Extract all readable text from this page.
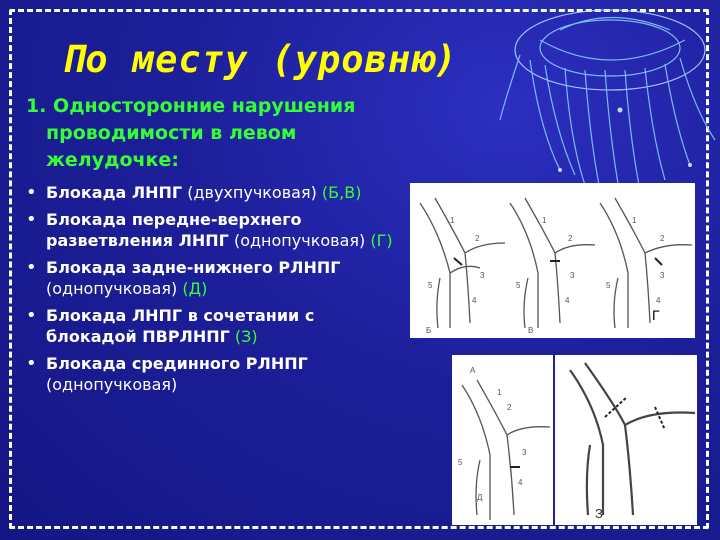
По месту (уровню)

1. Односторонние нарушения проводимости в левом желудочке:

• Блокада ЛНПГ (двухпучковая) (Б,В)
• Блокада передне-верхнего разветвления ЛНПГ (однопучковая) (Г)
• Блокада задне-нижнего РЛНПГ (однопучковая) (Д)
• Блокада ЛНПГ в сочетании с блокадой ПВРЛНПГ (З)
• Блокада срединного РЛНПГ (однопучковая)
1
2
3
4
5
1
2
3
4
5
1
2
3
4
5
Б	В
Г
А
1
2
3
4
5
Д
З
